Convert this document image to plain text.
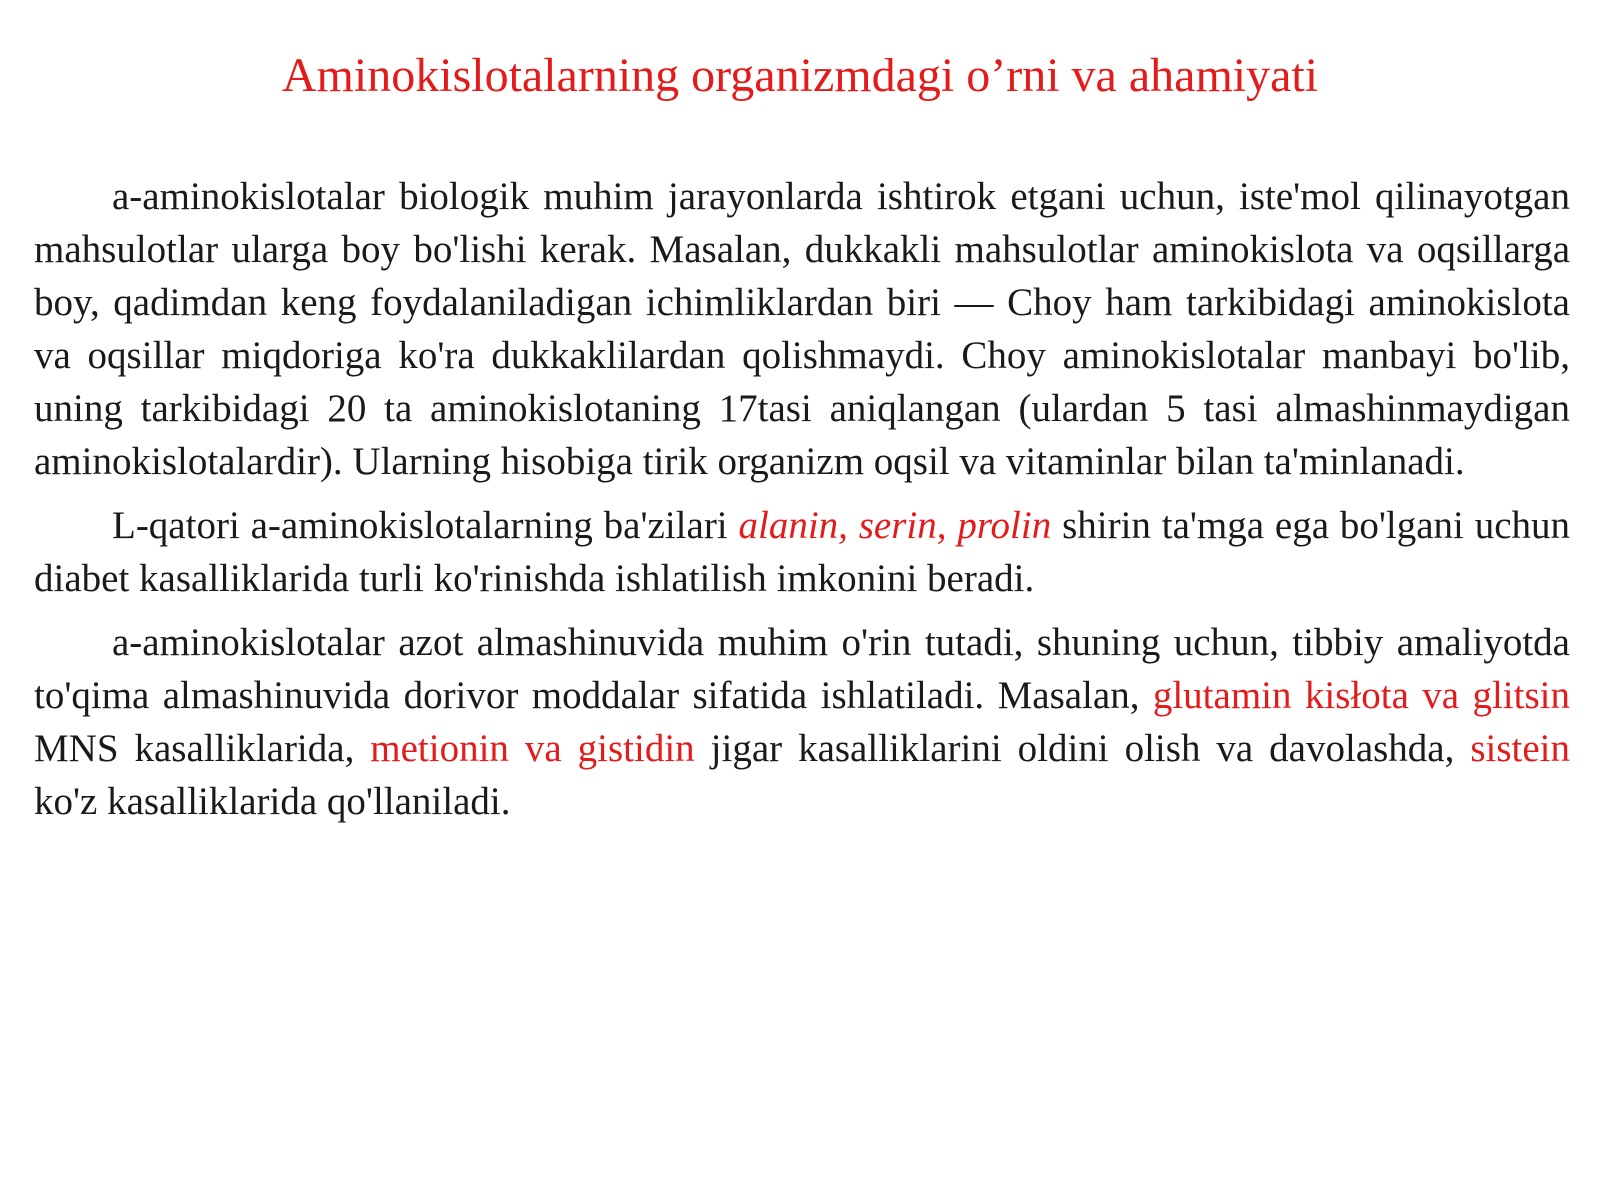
Aminokislotalarning organizmdagi o’rni va ahamiyati

a-aminokislotalar biologik muhim jarayonlarda ishtirok etgani uchun, iste'mol qilinayotgan mahsulotlar ularga boy bo'lishi kerak. Masalan, dukkakli mahsulotlar aminokislota va oqsillarga boy, qadimdan keng foydalaniladigan ichimliklardan biri — Choy ham tarkibidagi aminokislota va oqsillar miqdoriga ko'ra dukkaklilardan qolishmaydi. Choy aminokislotalar manbayi bo'lib, uning tarkibidagi 20 ta aminokislotaning 17tasi aniqlangan (ulardan 5 tasi almashinmaydigan aminokislotalardir). Ularning hisobiga tirik organizm oqsil va vitaminlar bilan ta'minlanadi.

L-qatori a-aminokislotalarning ba'zilari alanin, serin, prolin shirin ta'mga ega bo'lgani uchun diabet kasalliklarida turli ko'rinishda ishlatilish imkonini beradi.

a-aminokislotalar azot almashinuvida muhim o'rin tutadi, shuning uchun, tibbiy amaliyotda to'qima almashinuvida dorivor moddalar sifatida ishlatiladi. Masalan, glutamin kisłota va glitsin MNS kasalliklarida, metionin va gistidin jigar kasalliklarini oldini olish va davolashda, sistein ko'z kasalliklarida qo'llaniladi.
